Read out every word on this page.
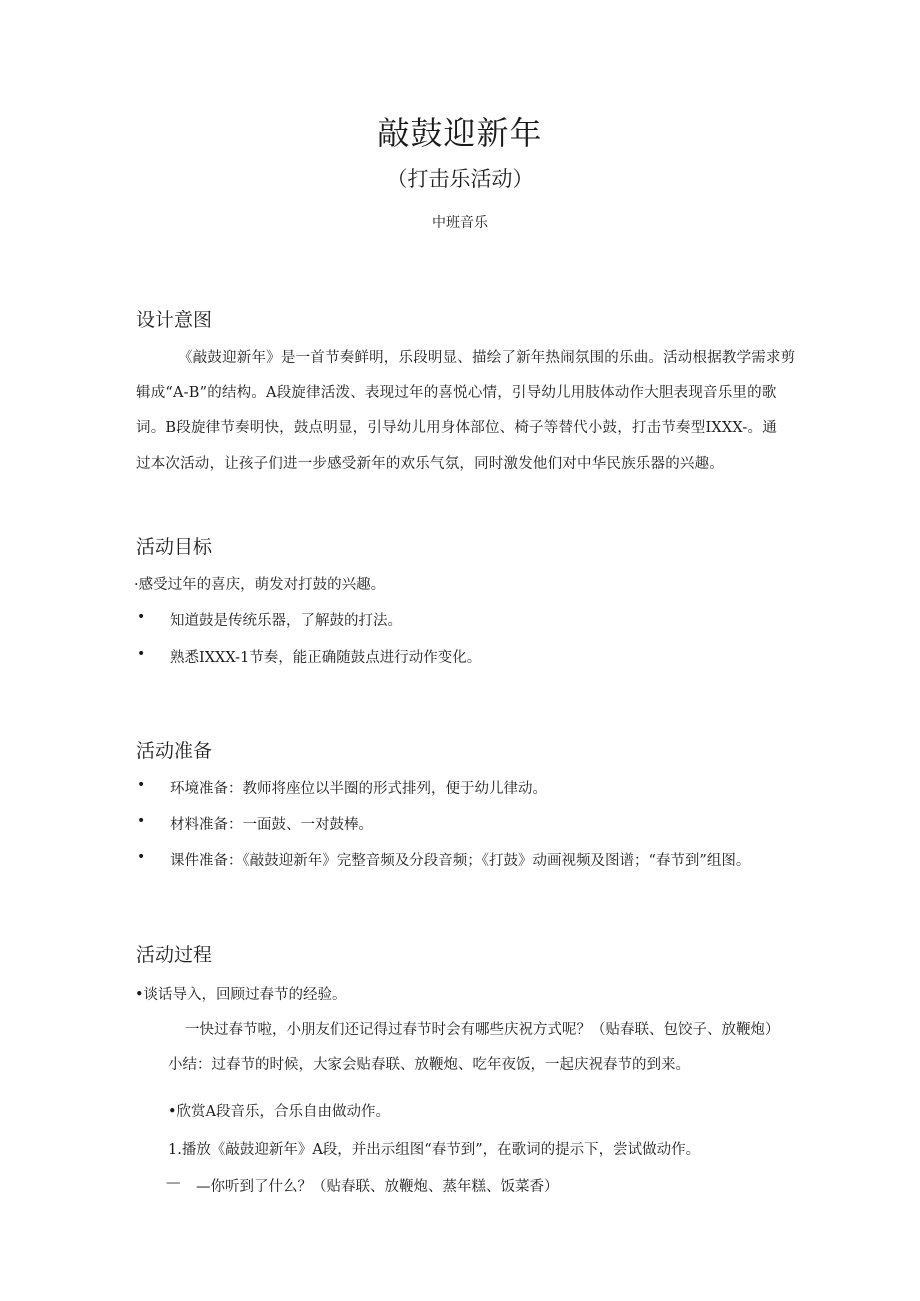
敲鼓迎新年
（打击乐活动）
中班音乐
设计意图
《敲鼓迎新年》是一首节奏鲜明，乐段明显、描绘了新年热闹氛围的乐曲。活动根据教学需求剪
辑成“A-B”的结构。A段旋律活泼、表现过年的喜悦心情，引导幼儿用肢体动作大胆表现音乐里的歌
词。B段旋律节奏明快，鼓点明显，引导幼儿用身体部位、椅子等替代小鼓，打击节奏型IXXX-。通
过本次活动，让孩子们进一步感受新年的欢乐气氛，同时激发他们对中华民族乐器的兴趣。
活动目标
·感受过年的喜庆，萌发对打鼓的兴趣。
• 知道鼓是传统乐器，了解鼓的打法。
• 熟悉IXXX-1节奏，能正确随鼓点进行动作变化。
活动准备
• 环境准备：教师将座位以半圈的形式排列，便于幼儿律动。
• 材料准备：一面鼓、一对鼓棒。
• 课件准备：《敲鼓迎新年》完整音频及分段音频；《打鼓》动画视频及图谱；“春节到”组图。
活动过程
•谈话导入，回顾过春节的经验。
一快过春节啦，小朋友们还记得过春节时会有哪些庆祝方式呢？（贴春联、包饺子、放鞭炮）
小结：过春节的时候，大家会贴春联、放鞭炮、吃年夜饭，一起庆祝春节的到来。
•欣赏A段音乐，合乐自由做动作。
1.播放《敲鼓迎新年》A段，并出示组图“春节到”，在歌词的提示下，尝试做动作。
— —你听到了什么？（贴春联、放鞭炮、蒸年糕、饭菜香）
